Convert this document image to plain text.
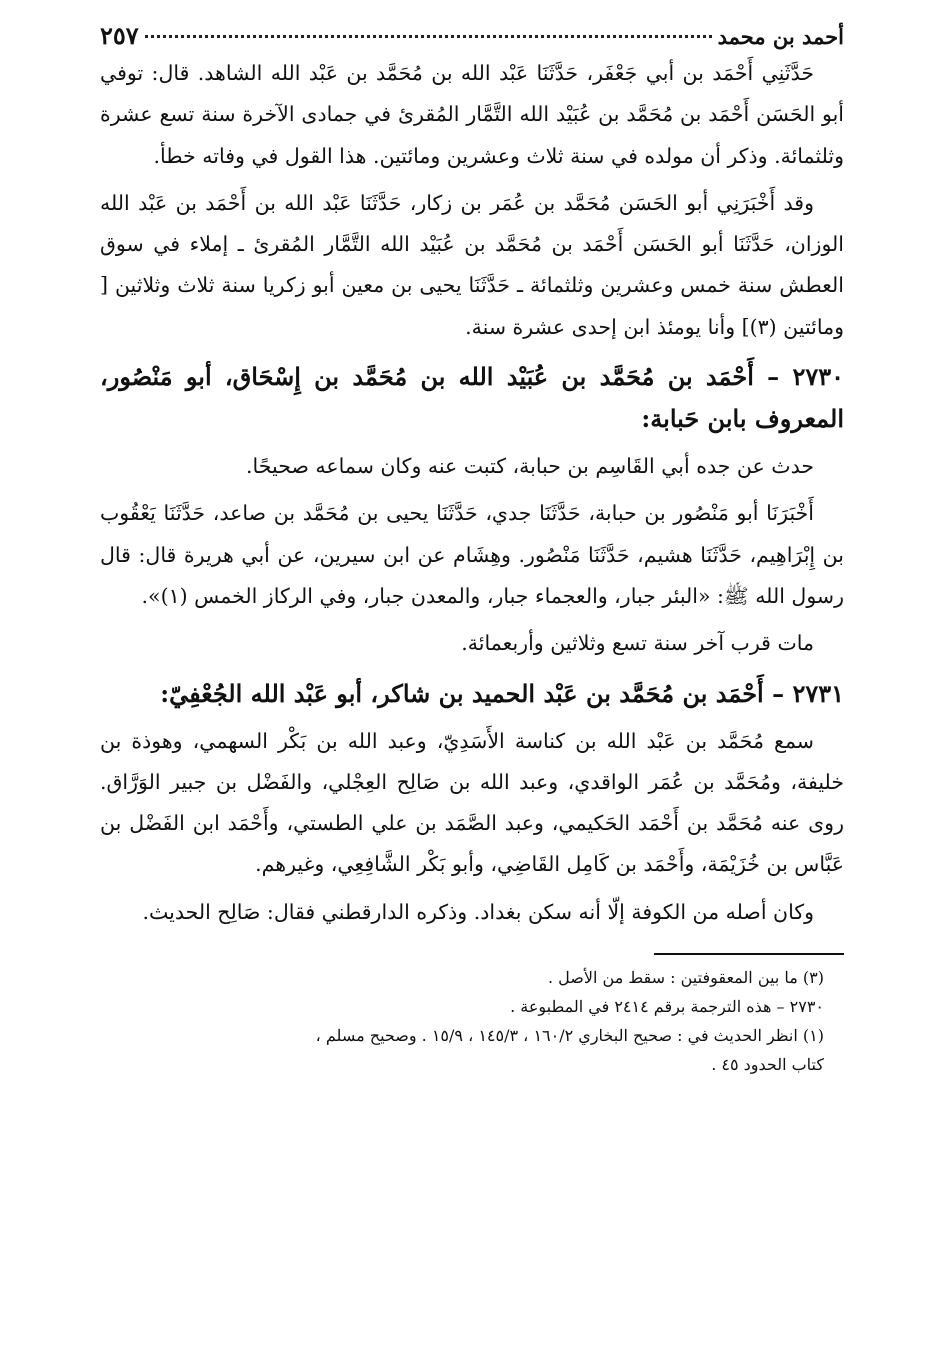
أحمد بن محمد
٢٥٧

حَدَّثَنِي أَحْمَد بن أبي جَعْفَر، حَدَّثَنَا عَبْد الله بن مُحَمَّد بن عَبْد الله الشاهد. قال: توفي أبو الحَسَن أَحْمَد بن مُحَمَّد بن عُبَيْد الله التَّمَّار المُقرئ في جمادى الآخرة سنة تسع عشرة وثلثمائة. وذكر أن مولده في سنة ثلاث وعشرين ومائتين. هذا القول في وفاته خطأ.

وقد أَخْبَرَنِي أبو الحَسَن مُحَمَّد بن عُمَر بن زكار، حَدَّثَنَا عَبْد الله بن أَحْمَد بن عَبْد الله الوزان، حَدَّثَنَا أبو الحَسَن أَحْمَد بن مُحَمَّد بن عُبَيْد الله التَّمَّار المُقرئ ـ إملاء في سوق العطش سنة خمس وعشرين وثلثمائة ـ حَدَّثَنَا يحيى بن معين أبو زكريا سنة ثلاث وثلاثين [ ومائتين (٣)] وأنا يومئذ ابن إحدى عشرة سنة.

٢٧٣٠ – أَحْمَد بن مُحَمَّد بن عُبَيْد الله بن مُحَمَّد بن إِسْحَاق، أبو مَنْصُور، المعروف بابن حَبابة:

حدث عن جده أبي القَاسِم بن حبابة، كتبت عنه وكان سماعه صحيحًا.

أَخْبَرَنَا أبو مَنْصُور بن حبابة، حَدَّثَنَا جدي، حَدَّثَنَا يحيى بن مُحَمَّد بن صاعد، حَدَّثَنَا يَعْقُوب بن إِبْرَاهِيم، حَدَّثَنَا هشيم، حَدَّثَنَا مَنْصُور. وهِشَام عن ابن سيرين، عن أبي هريرة قال: قال رسول الله ﷺ: «البئر جبار، والعجماء جبار، والمعدن جبار، وفي الركاز الخمس (١)».

مات قرب آخر سنة تسع وثلاثين وأربعمائة.

٢٧٣١ – أَحْمَد بن مُحَمَّد بن عَبْد الحميد بن شاكر، أبو عَبْد الله الجُعْفِيّ:

سمع مُحَمَّد بن عَبْد الله بن كناسة الأَسَدِيّ، وعبد الله بن بَكْر السهمي، وهوذة بن خليفة، ومُحَمَّد بن عُمَر الواقدي، وعبد الله بن صَالِح العِجْلي، والفَضْل بن جبير الوَرَّاق. روى عنه مُحَمَّد بن أَحْمَد الحَكيمي، وعبد الصَّمَد بن علي الطستي، وأَحْمَد ابن الفَضْل بن عَبَّاس بن خُزَيْمَة، وأَحْمَد بن كَامِل القَاضِي، وأبو بَكْر الشَّافِعِي، وغيرهم.

وكان أصله من الكوفة إلّا أنه سكن بغداد. وذكره الدارقطني فقال: صَالِح الحديث.

(٣) ما بين المعقوفتين : سقط من الأصل .

٢٧٣٠ – هذه الترجمة برقم ٢٤١٤ في المطبوعة .

(١) انظر الحديث في : صحيح البخاري ١٦٠/٢ ، ١٤٥/٣ ، ١٥/٩ . وصحيح مسلم ،

كتاب الحدود ٤٥ .
